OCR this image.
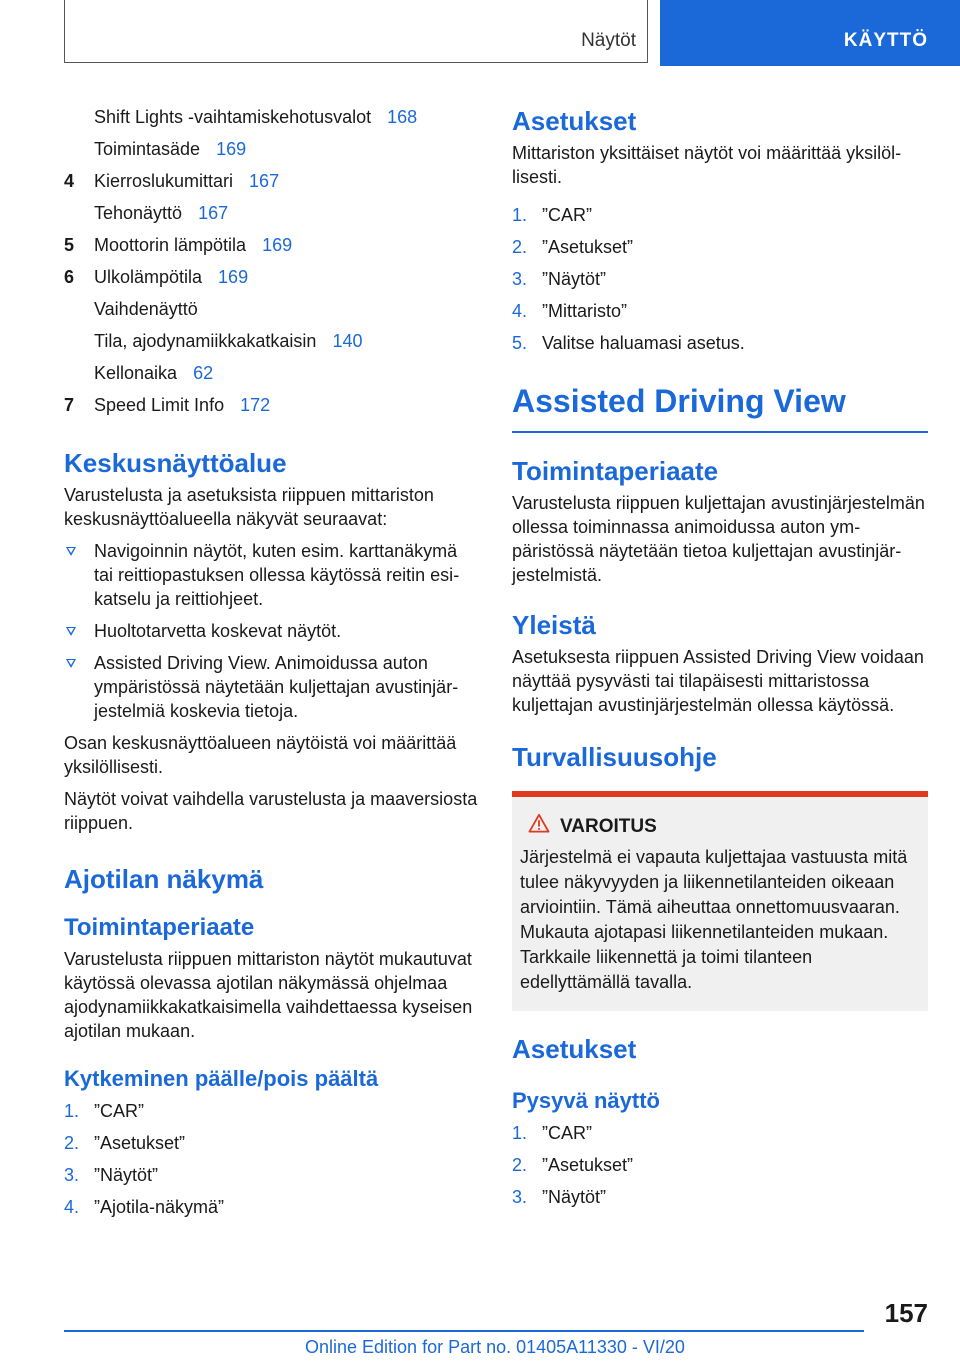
Näytöt	KÄYTTÖ
Shift Lights -vaihtamiskehotusvalot 168
Toimintasäde 169
4 Kierroslukumittari 167
Tehonäyttö 167
5 Moottorin lämpötila 169
6 Ulkolämpötila 169
Vaihdenäyttö
Tila, ajodynamiikkakatkaisin 140
Kellonaika 62
7 Speed Limit Info 172
Keskusnäyttöalue

Varustelusta ja asetuksista riippuen mittariston keskusnäyttöalueella näkyvät seuraavat:

Navigoinnin näytöt, kuten esim. karttanäkymä tai reittiopastuksen ollessa käytössä reitin esikatselu ja reittiohjeet.
Huoltotarvetta koskevat näytöt.
Assisted Driving View. Animoidussa auton ympäristössä näytetään kuljettajan avustinjärjestelmiä koskevia tietoja.

Osan keskusnäyttöalueen näytöistä voi määrittää yksilöllisesti.

Näytöt voivat vaihdella varustelusta ja maaversiosta riippuen.

Ajotilan näkymä
Toimintaperiaate

Varustelusta riippuen mittariston näytöt mukautuvat käytössä olevassa ajotilan näkymässä ohjelmaa ajodynamiikkakatkaisimella vaihdettaessa kyseisen ajotilan mukaan.

Kytkeminen päälle/pois päältä
1. ”CAR”
2. ”Asetukset”
3. ”Näytöt”
4. ”Ajotila-näkymä”
Asetukset

Mittariston yksittäiset näytöt voi määrittää yksilöllisesti.

1. ”CAR”
2. ”Asetukset”
3. ”Näytöt”
4. ”Mittaristo”
5. Valitse haluamasi asetus.
Assisted Driving View
Toimintaperiaate

Varustelusta riippuen kuljettajan avustinjärjestelmän ollessa toiminnassa animoidussa auton ympäristössä näytetään tietoa kuljettajan avustinjärjestelmistä.

Yleistä

Asetuksesta riippuen Assisted Driving View voidaan näyttää pysyvästi tai tilapäisesti mittaristossa kuljettajan avustinjärjestelmän ollessa käytössä.

Turvallisuusohje
VAROITUS
Järjestelmä ei vapauta kuljettajaa vastuusta mitä tulee näkyvyyden ja liikennetilanteiden oikeaan arviointiin. Tämä aiheuttaa onnettomuusvaaran. Mukauta ajotapasi liikennetilanteiden mukaan. Tarkkaile liikennettä ja toimi tilanteen edellyttämällä tavalla.
Asetukset
Pysyvä näyttö
1. ”CAR”
2. ”Asetukset”
3. ”Näytöt”
157
Online Edition for Part no. 01405A11330 - VI/20
